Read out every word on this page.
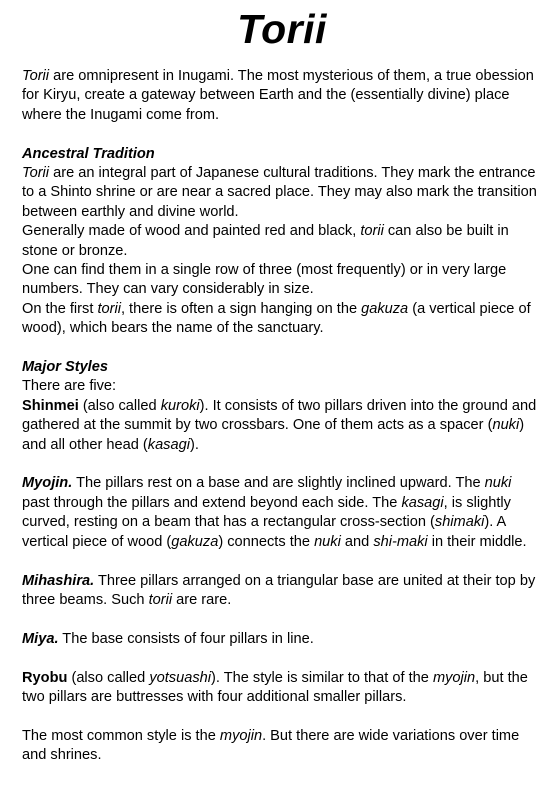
Torii

Torii are omnipresent in Inugami. The most mysterious of them, a true obession for Kiryu, create a gateway between Earth and the (essentially divine) place where the Inugami come from.

Ancestral Tradition

Torii are an integral part of Japanese cultural traditions. They mark the entrance to a Shinto shrine or are near a sacred place. They may also mark the transition between earthly and divine world.

Generally made of wood and painted red and black, torii can also be built in stone or bronze.

One can find them in a single row of three (most frequently) or in very large numbers. They can vary considerably in size.

On the first torii, there is often a sign hanging on the gakuza (a vertical piece of wood), which bears the name of the sanctuary.

Major Styles

There are five:

Shinmei (also called kuroki). It consists of two pillars driven into the ground and gathered at the summit by two crossbars. One of them acts as a spacer (nuki) and all other head (kasagi).

Myojin. The pillars rest on a base and are slightly inclined upward. The nuki past through the pillars and extend beyond each side. The kasagi, is slightly curved, resting on a beam that has a rectangular cross-section (shimaki). A vertical piece of wood (gakuza) connects the nuki and shi-maki in their middle.

Mihashira. Three pillars arranged on a triangular base are united at their top by three beams. Such torii are rare.

Miya. The base consists of four pillars in line.

Ryobu (also called yotsuashi). The style is similar to that of the myojin, but the two pillars are buttresses with four additional smaller pillars.

The most common style is the myojin. But there are wide variations over time and shrines.
